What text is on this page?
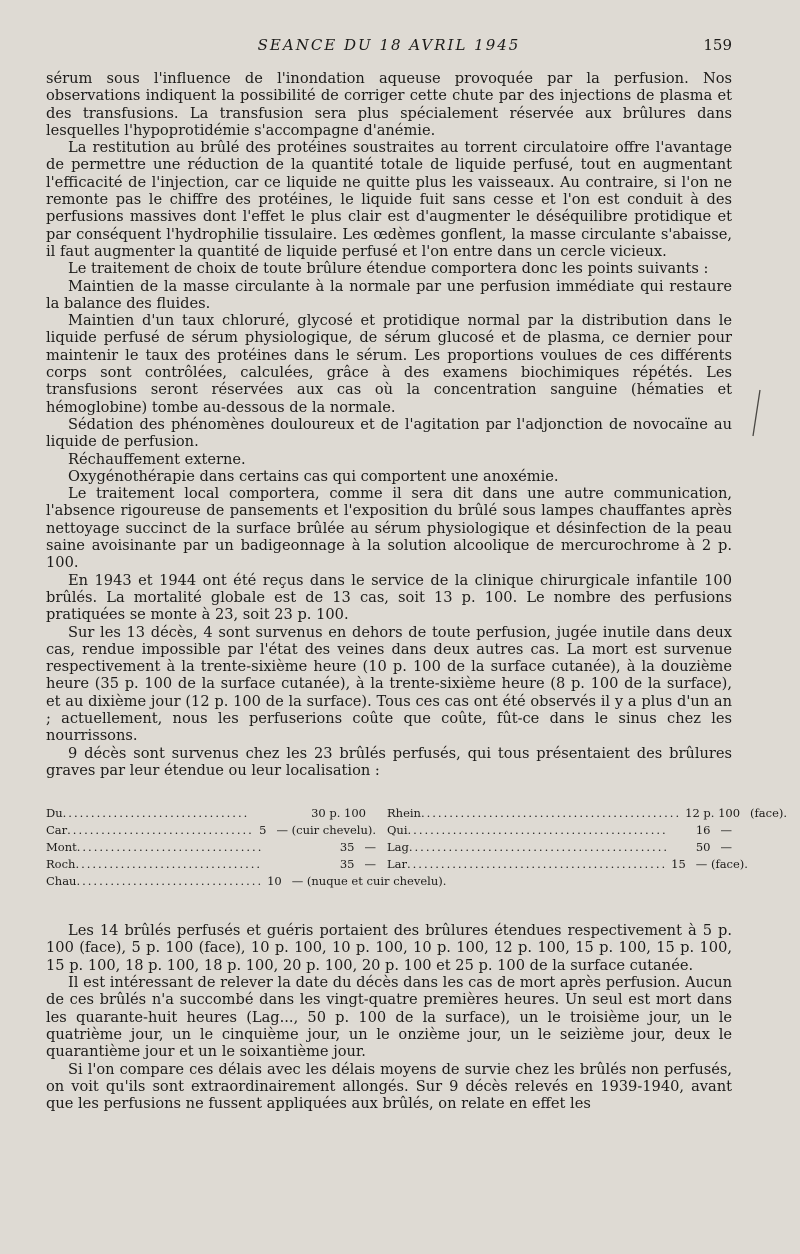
SEANCE DU 18 AVRIL 1945	159

sérum sous l'influence de l'inondation aqueuse provoquée par la perfusion. Nos observations indiquent la possibilité de corriger cette chute par des injections de plasma et des transfusions. La transfusion sera plus spécialement réservée aux brûlures dans lesquelles l'hypoprotidémie s'accompagne d'anémie.

La restitution au brûlé des protéines soustraites au torrent circulatoire offre l'avantage de permettre une réduction de la quantité totale de liquide perfusé, tout en augmentant l'efficacité de l'injection, car ce liquide ne quitte plus les vaisseaux. Au contraire, si l'on ne remonte pas le chiffre des protéines, le liquide fuit sans cesse et l'on est conduit à des perfusions massives dont l'effet le plus clair est d'augmenter le déséquilibre protidique et par conséquent l'hydrophilie tissulaire. Les œdèmes gonflent, la masse circulante s'abaisse, il faut augmenter la quantité de liquide perfusé et l'on entre dans un cercle vicieux.

Le traitement de choix de toute brûlure étendue comportera donc les points suivants :

Maintien de la masse circulante à la normale par une perfusion immédiate qui restaure la balance des fluides.

Maintien d'un taux chloruré, glycosé et protidique normal par la distribution dans le liquide perfusé de sérum physiologique, de sérum glucosé et de plasma, ce dernier pour maintenir le taux des protéines dans le sérum. Les proportions voulues de ces différents corps sont contrôlées, calculées, grâce à des examens biochimiques répétés. Les transfusions seront réservées aux cas où la concentration sanguine (hématies et hémoglobine) tombe au-dessous de la normale.

Sédation des phénomènes douloureux et de l'agitation par l'adjonction de novocaïne au liquide de perfusion.

Réchauffement externe.

Oxygénothérapie dans certains cas qui comportent une anoxémie.

Le traitement local comportera, comme il sera dit dans une autre communication, l'absence rigoureuse de pansements et l'exposition du brûlé sous lampes chauffantes après nettoyage succinct de la surface brûlée au sérum physiologique et désinfection de la peau saine avoisinante par un badigeonnage à la solution alcoolique de mercurochrome à 2 p. 100.

En 1943 et 1944 ont été reçus dans le service de la clinique chirurgicale infantile 100 brûlés. La mortalité globale est de 13 cas, soit 13 p. 100. Le nombre des perfusions pratiquées se monte à 23, soit 23 p. 100.

Sur les 13 décès, 4 sont survenus en dehors de toute perfusion, jugée inutile dans deux cas, rendue impossible par l'état des veines dans deux autres cas. La mort est survenue respectivement à la trente-sixième heure (10 p. 100 de la surface cutanée), à la douzième heure (35 p. 100 de la surface cutanée), à la trente-sixième heure (8 p. 100 de la surface), et au dixième jour (12 p. 100 de la surface). Tous ces cas ont été observés il y a plus d'un an ; actuellement, nous les perfuserions coûte que coûte, fût-ce dans le sinus chez les nourrissons.

9 décès sont survenus chez les 23 brûlés perfusés, qui tous présentaient des brûlures graves par leur étendue ou leur localisation :

Du .................................	30 p. 100
Car ................................. 5 — (cuir chevelu).
Mont .................................	35 —
Roch .................................	35 —
Chau ................................. 10 — (nuque et cuir chevelu).
Rhein .............................................. 12 p. 100 (face).
Qui ..............................................	16 —
Lag ..............................................	50 —
Lar .............................................. 15 — (face).

Les 14 brûlés perfusés et guéris portaient des brûlures étendues respectivement à 5 p. 100 (face), 5 p. 100 (face), 10 p. 100, 10 p. 100, 10 p. 100, 12 p. 100, 15 p. 100, 15 p. 100, 15 p. 100, 18 p. 100, 18 p. 100, 20 p. 100, 20 p. 100 et 25 p. 100 de la surface cutanée.

Il est intéressant de relever la date du décès dans les cas de mort après perfusion. Aucun de ces brûlés n'a succombé dans les vingt-quatre premières heures. Un seul est mort dans les quarante-huit heures (Lag..., 50 p. 100 de la surface), un le troisième jour, un le quatrième jour, un le cinquième jour, un le onzième jour, un le seizième jour, deux le quarantième jour et un le soixantième jour.

Si l'on compare ces délais avec les délais moyens de survie chez les brûlés non perfusés, on voit qu'ils sont extraordinairement allongés. Sur 9 décès relevés en 1939-1940, avant que les perfusions ne fussent appliquées aux brûlés, on relate en effet les
